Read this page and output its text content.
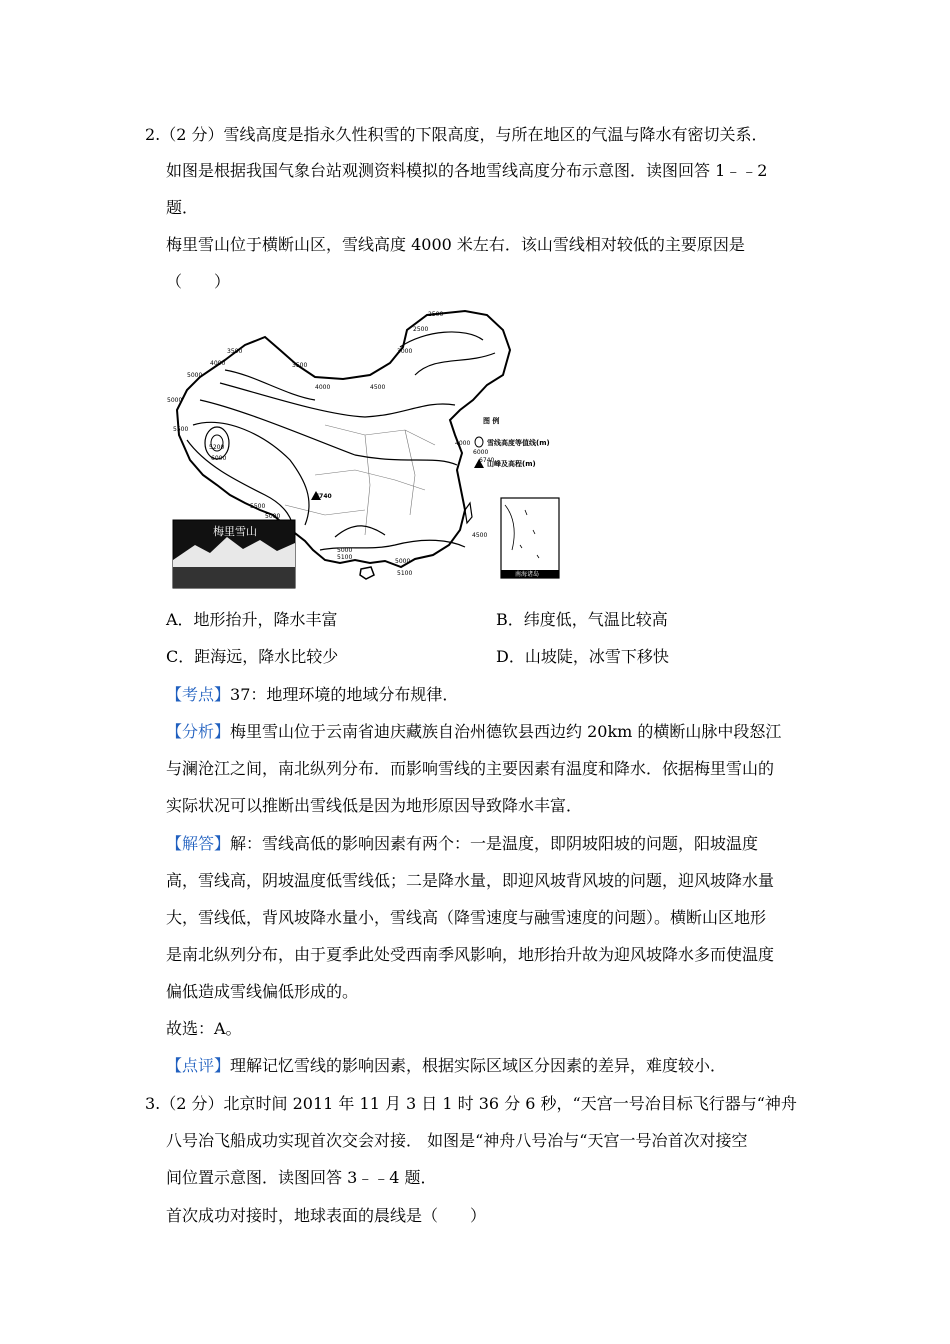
2.（2 分）雪线高度是指永久性积雪的下限高度，与所在地区的气温与降水有密切关系．
如图是根据我国气象台站观测资料模拟的各地雪线高度分布示意图．读图回答 1﹣﹣2
题．
梅里雪山位于横断山区，雪线高度 4000 米左右．该山雪线相对较低的主要原因是
（　　）
2500
3000
2500
3500
4000	3500
4000	4500
5000
5500
5000
6000
5000
5500
5000
5100
5000
4500
4000
5100
5200
6740
图 例
6000
雪线高度等值线(m)
6740
山峰及高程(m)
梅里雪山
南海诸岛
A．地形抬升，降水丰富	B．纬度低，气温比较高
C．距海远，降水比较少	D．山坡陡，冰雪下移快
【考点】37：地理环境的地域分布规律．
【分析】梅里雪山位于云南省迪庆藏族自治州德钦县西边约 20km 的横断山脉中段怒江
与澜沧江之间，南北纵列分布．而影响雪线的主要因素有温度和降水．依据梅里雪山的
实际状况可以推断出雪线低是因为地形原因导致降水丰富．
【解答】解：雪线高低的影响因素有两个：一是温度，即阴坡阳坡的问题，阳坡温度
高，雪线高，阴坡温度低雪线低；二是降水量，即迎风坡背风坡的问题，迎风坡降水量
大，雪线低，背风坡降水量小，雪线高（降雪速度与融雪速度的问题）。横断山区地形
是南北纵列分布，由于夏季此处受西南季风影响，地形抬升故为迎风坡降水多而使温度
偏低造成雪线偏低形成的。
故选：A。
【点评】理解记忆雪线的影响因素，根据实际区域区分因素的差异，难度较小．
3.（2 分）北京时间 2011 年 11 月 3 日 1 时 36 分 6 秒，“天宫一号冶目标飞行器与“神舟
八号冶飞船成功实现首次交会对接． 如图是“神舟八号冶与“天宫一号冶首次对接空
间位置示意图．读图回答 3﹣﹣4 题．
首次成功对接时，地球表面的晨线是（　　）
